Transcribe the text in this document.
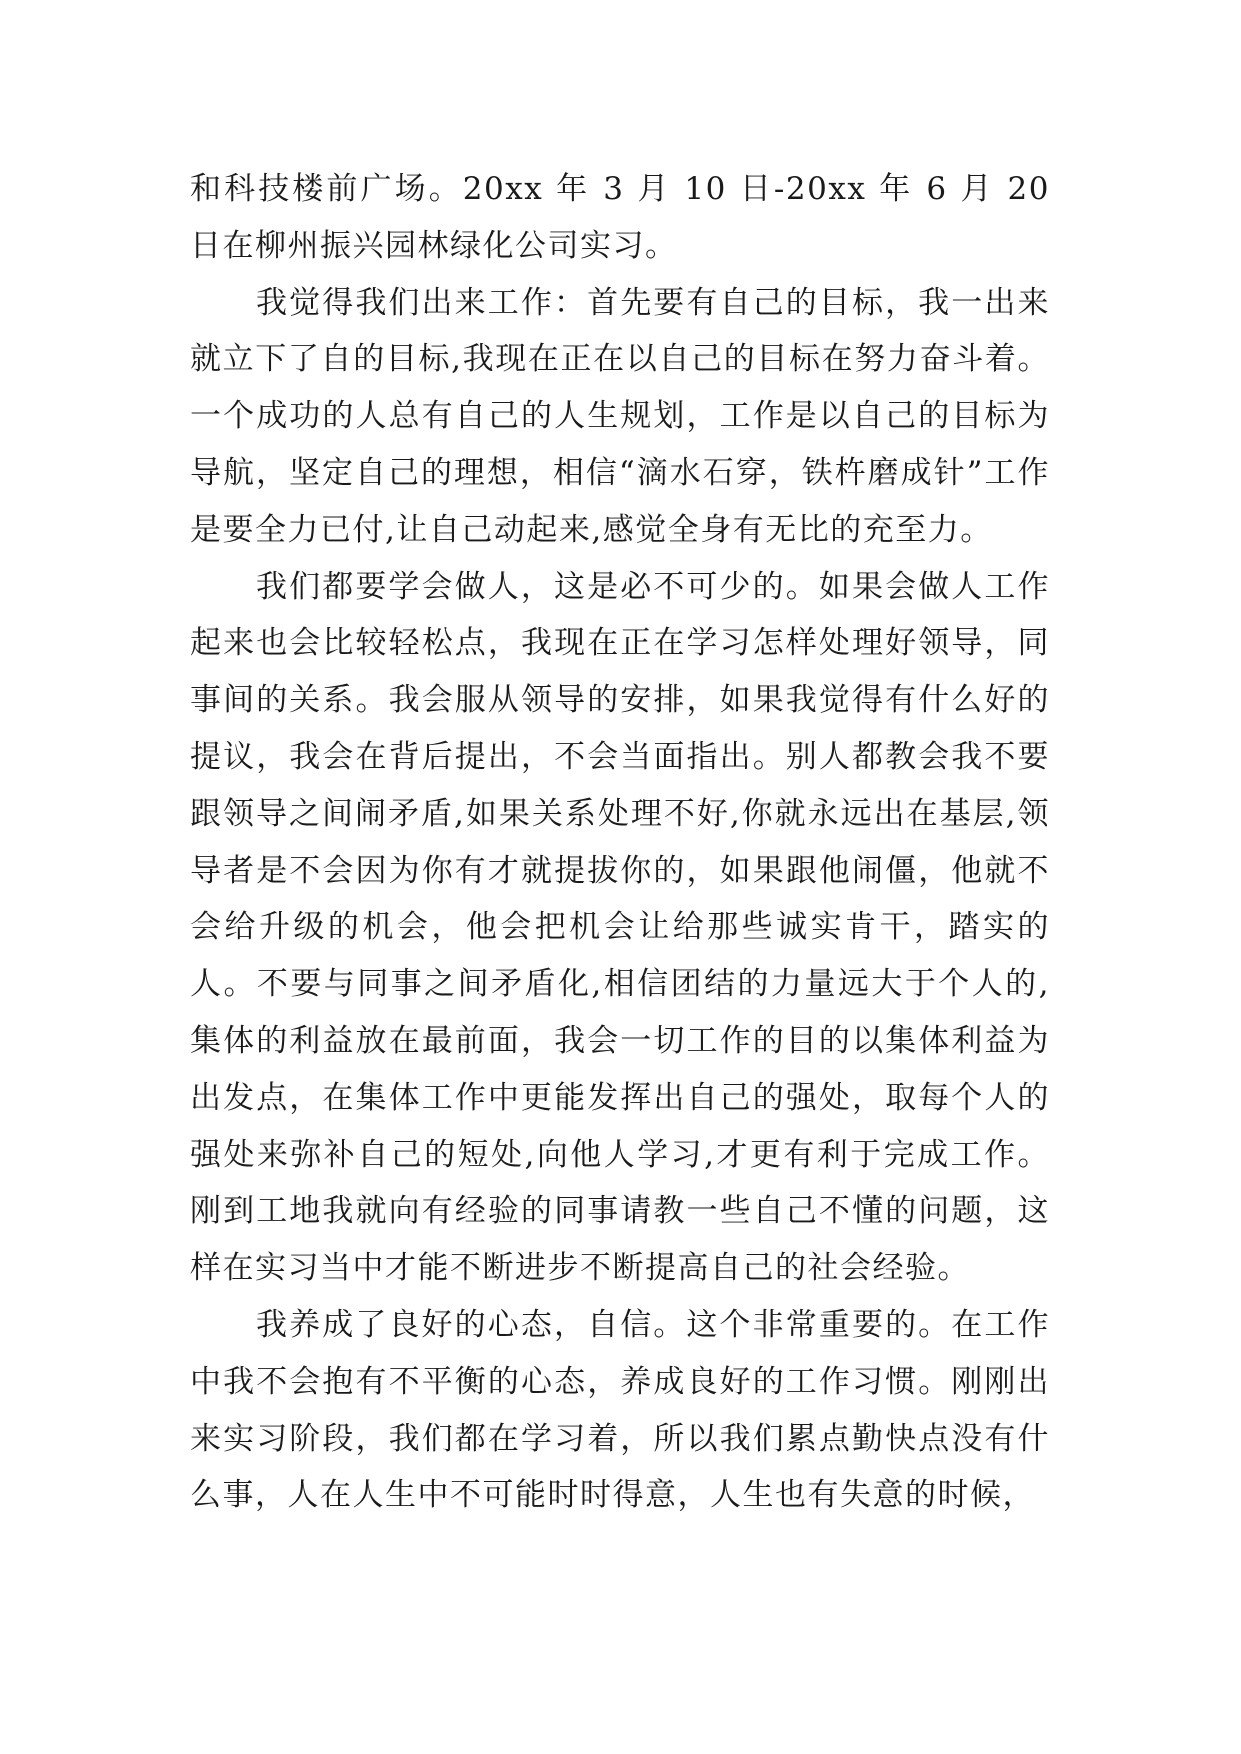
和科技楼前广场。20xx 年 3 月 10 日-20xx 年 6 月 20 日在柳州振兴园林绿化公司实习。

我觉得我们出来工作：首先要有自己的目标，我一出来就立下了自的目标,我现在正在以自己的目标在努力奋斗着。一个成功的人总有自己的人生规划，工作是以自己的目标为导航，坚定自己的理想，相信“滴水石穿，铁杵磨成针”工作是要全力已付,让自己动起来,感觉全身有无比的充至力。

我们都要学会做人，这是必不可少的。如果会做人工作起来也会比较轻松点，我现在正在学习怎样处理好领导，同事间的关系。我会服从领导的安排，如果我觉得有什么好的提议，我会在背后提出，不会当面指出。别人都教会我不要跟领导之间闹矛盾,如果关系处理不好,你就永远出在基层,领导者是不会因为你有才就提拔你的，如果跟他闹僵，他就不会给升级的机会，他会把机会让给那些诚实肯干，踏实的人。不要与同事之间矛盾化,相信团结的力量远大于个人的,集体的利益放在最前面，我会一切工作的目的以集体利益为出发点，在集体工作中更能发挥出自己的强处，取每个人的强处来弥补自己的短处,向他人学习,才更有利于完成工作。刚到工地我就向有经验的同事请教一些自己不懂的问题，这样在实习当中才能不断进步不断提高自己的社会经验。

我养成了良好的心态，自信。这个非常重要的。在工作中我不会抱有不平衡的心态，养成良好的工作习惯。刚刚出来实习阶段，我们都在学习着，所以我们累点勤快点没有什么事，人在人生中不可能时时得意，人生也有失意的时候，
